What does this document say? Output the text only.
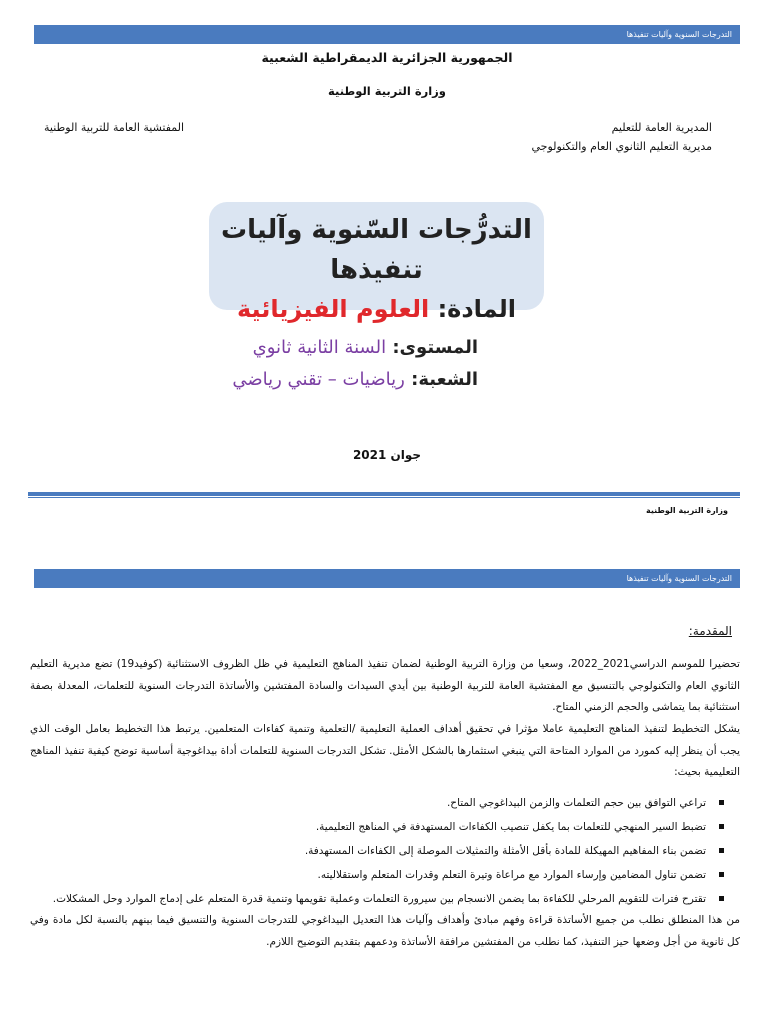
التدرجات السنوية وآليات تنفيذها
الجمهورية الجزائرية الديمقراطية الشعبية
وزارة التربية الوطنية
المديرية العامة للتعليم
مديرية التعليم الثانوي العام والتكنولوجي
المفتشية العامة للتربية الوطنية
التدرُّجات السّنوية وآليات تنفيذها
المادة: العلوم الفيزيائية
المستوى: السنة الثانية ثانوي
الشعبة: رياضيات – تقني رياضي
جوان 2021
وزارة التربية الوطنية
التدرجات السنوية وآليات تنفيذها
المقدمة:

تحضيرا للموسم الدراسي2021_2022، وسعيا من وزارة التربية الوطنية لضمان تنفيذ المناهج التعليمية في ظل الظروف الاستثنائية (كوفيد19) تضع مديرية التعليم الثانوي العام والتكنولوجي بالتنسيق مع المفتشية العامة للتربية الوطنية بين أيدي السيدات والسادة المفتشين والأساتذة التدرجات السنوية للتعلمات، المعدلة بصفة استثنائية بما يتماشى والحجم الزمني المتاح.

يشكل التخطيط لتنفيذ المناهج التعليمية عاملا مؤثرا في تحقيق أهداف العملية التعليمية /التعلمية وتنمية كفاءات المتعلمين. يرتبط هذا التخطيط بعامل الوقت الذي يجب أن ينظر إليه كمورد من الموارد المتاحة التي ينبغي استثمارها بالشكل الأمثل. تشكل التدرجات السنوية للتعلمات أداة بيداغوجية أساسية توضح كيفية تنفيذ المناهج التعليمية بحيث:

تراعي التوافق بين حجم التعلمات والزمن البيداغوجي المتاح.
تضبط السير المنهجي للتعلمات بما يكفل تنصيب الكفاءات المستهدفة في المناهج التعليمية.
تضمن بناء المفاهيم المهيكلة للمادة بأقل الأمثلة والتمثيلات الموصلة إلى الكفاءات المستهدفة.
تضمن تناول المضامين وإرساء الموارد مع مراعاة وتيرة التعلم وقدرات المتعلم واستقلاليته.
تقترح فترات للتقويم المرحلي للكفاءة بما يضمن الانسجام بين سيرورة التعلمات وعملية تقويمها وتنمية قدرة المتعلم على إدماج الموارد وحل المشكلات.

من هذا المنطلق نطلب من جميع الأساتذة قراءة وفهم مبادئ وأهداف وآليات هذا التعديل البيداغوجي للتدرجات السنوية والتنسيق فيما بينهم بالنسبة لكل مادة وفي كل ثانوية من أجل وضعها حيز التنفيذ، كما نطلب من المفتشين مرافقة الأساتذة ودعمهم بتقديم التوضيح اللازم.
